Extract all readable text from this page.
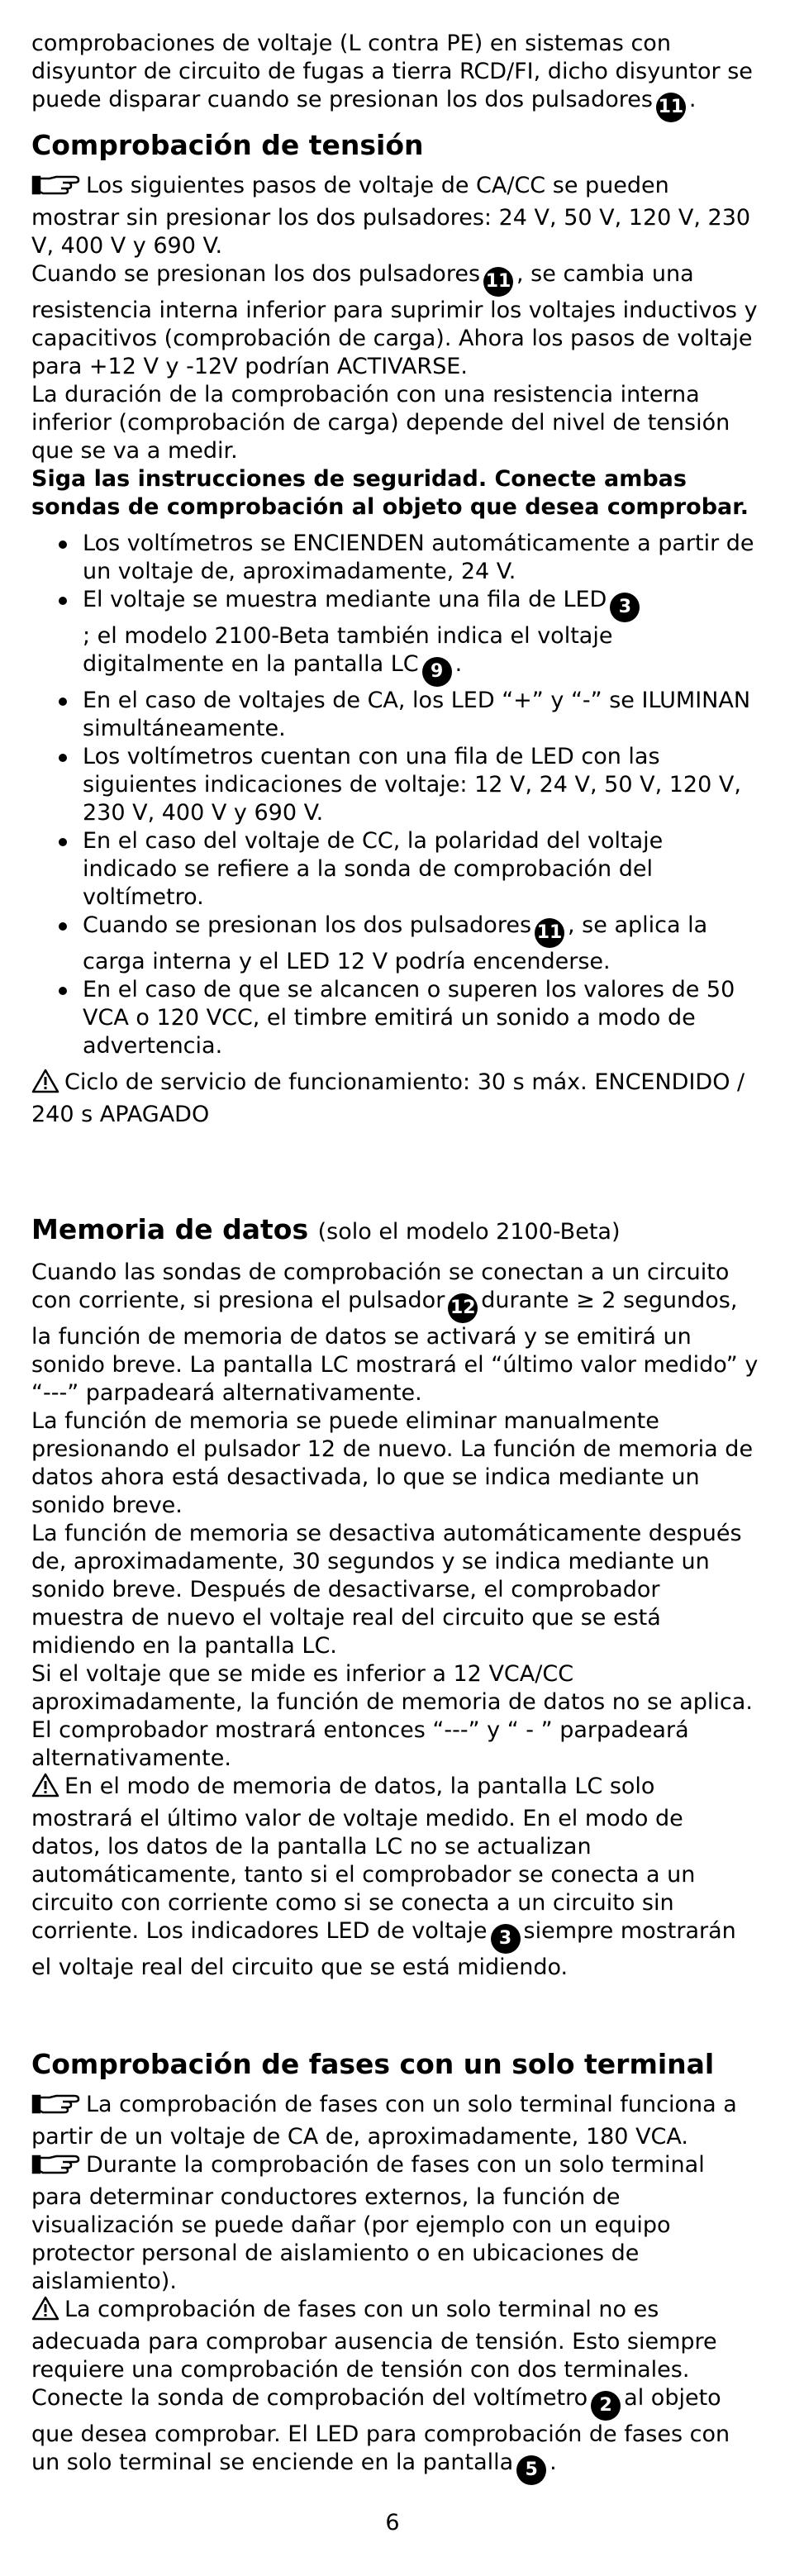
comprobaciones de voltaje (L contra PE) en sistemas con disyuntor de circuito de fugas a tierra RCD/FI, dicho disyuntor se puede disparar cuando se presionan los dos pulsadores 11 .

Comprobación de tensión

Los siguientes pasos de voltaje de CA/CC se pueden mostrar sin presionar los dos pulsadores: 24 V, 50 V, 120 V, 230 V, 400 V y 690 V.

Cuando se presionan los dos pulsadores 11 , se cambia una resistencia interna inferior para suprimir los voltajes inductivos y capacitivos (comprobación de carga). Ahora los pasos de voltaje para +12 V y -12V podrían ACTIVARSE.

La duración de la comprobación con una resistencia interna inferior (comprobación de carga) depende del nivel de tensión que se va a medir.

Siga las instrucciones de seguridad. Conecte ambas sondas de comprobación al objeto que desea comprobar.

Los voltímetros se ENCIENDEN automáticamente a partir de un voltaje de, aproximadamente, 24 V.
El voltaje se muestra mediante una fila de LED 3
; el modelo 2100-Beta también indica el voltaje digitalmente en la pantalla LC 9 .
En el caso de voltajes de CA, los LED “+” y “-” se ILUMINAN simultáneamente.
Los voltímetros cuentan con una fila de LED con las siguientes indicaciones de voltaje: 12 V, 24 V, 50 V, 120 V, 230 V, 400 V y 690 V.
En el caso del voltaje de CC, la polaridad del voltaje indicado se refiere a la sonda de comprobación del voltímetro.
Cuando se presionan los dos pulsadores 11 , se aplica la carga interna y el LED 12 V podría encenderse.
En el caso de que se alcancen o superen los valores de 50 VCA o 120 VCC, el timbre emitirá un sonido a modo de advertencia.

Ciclo de servicio de funcionamiento: 30 s máx. ENCENDIDO / 240 s APAGADO

Memoria de datos (solo el modelo 2100-Beta)

Cuando las sondas de comprobación se conectan a un circuito con corriente, si presiona el pulsador 12 durante ≥ 2 segundos, la función de memoria de datos se activará y se emitirá un sonido breve. La pantalla LC mostrará el “último valor medido” y “---” parpadeará alternativamente.

La función de memoria se puede eliminar manualmente presionando el pulsador 12 de nuevo. La función de memoria de datos ahora está desactivada, lo que se indica mediante un sonido breve.

La función de memoria se desactiva automáticamente después de, aproximadamente, 30 segundos y se indica mediante un sonido breve. Después de desactivarse, el comprobador muestra de nuevo el voltaje real del circuito que se está midiendo en la pantalla LC.

Si el voltaje que se mide es inferior a 12 VCA/CC aproximadamente, la función de memoria de datos no se aplica. El comprobador mostrará entonces “---” y “ - ” parpadeará alternativamente.

En el modo de memoria de datos, la pantalla LC solo mostrará el último valor de voltaje medido. En el modo de datos, los datos de la pantalla LC no se actualizan automáticamente, tanto si el comprobador se conecta a un circuito con corriente como si se conecta a un circuito sin corriente. Los indicadores LED de voltaje 3 siempre mostrarán el voltaje real del circuito que se está midiendo.

Comprobación de fases con un solo terminal

La comprobación de fases con un solo terminal funciona a partir de un voltaje de CA de, aproximadamente, 180 VCA.

Durante la comprobación de fases con un solo terminal para determinar conductores externos, la función de visualización se puede dañar (por ejemplo con un equipo protector personal de aislamiento o en ubicaciones de aislamiento).

La comprobación de fases con un solo terminal no es adecuada para comprobar ausencia de tensión. Esto siempre requiere una comprobación de tensión con dos terminales.

Conecte la sonda de comprobación del voltímetro 2 al objeto que desea comprobar. El LED para comprobación de fases con un solo terminal se enciende en la pantalla 5 .

6
